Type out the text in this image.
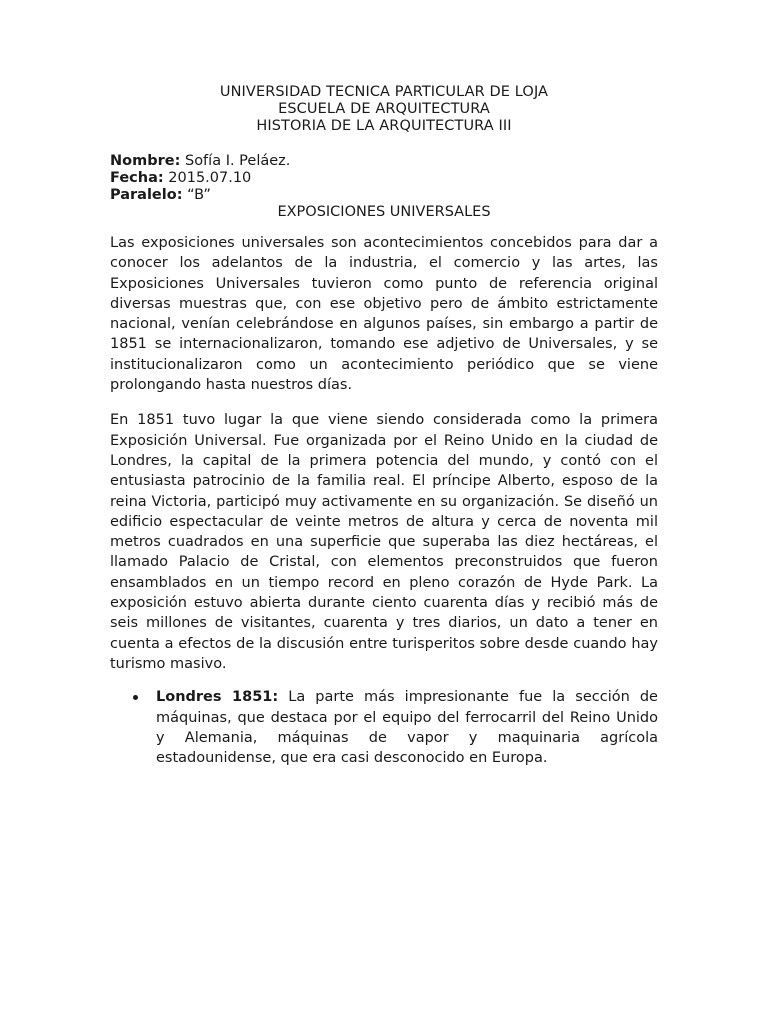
UNIVERSIDAD TECNICA PARTICULAR DE LOJA
ESCUELA DE ARQUITECTURA
HISTORIA DE LA ARQUITECTURA III
Nombre: Sofía I. Peláez.
Fecha: 2015.07.10
Paralelo: “B”
EXPOSICIONES UNIVERSALES

Las exposiciones universales son acontecimientos concebidos para dar a conocer los adelantos de la industria, el comercio y las artes, las Exposiciones Universales tuvieron como punto de referencia original diversas muestras que, con ese objetivo pero de ámbito estrictamente nacional, venían celebrándose en algunos países, sin embargo a partir de 1851 se internacionalizaron, tomando ese adjetivo de Universales, y se institucionalizaron como un acontecimiento periódico que se viene prolongando hasta nuestros días.

En 1851 tuvo lugar la que viene siendo considerada como la primera Exposición Universal. Fue organizada por el Reino Unido en la ciudad de Londres, la capital de la primera potencia del mundo, y contó con el entusiasta patrocinio de la familia real. El príncipe Alberto, esposo de la reina Victoria, participó muy activamente en su organización. Se diseñó un edificio espectacular de veinte metros de altura y cerca de noventa mil metros cuadrados en una superficie que superaba las diez hectáreas, el llamado Palacio de Cristal, con elementos preconstruidos que fueron ensamblados en un tiempo record en pleno corazón de Hyde Park. La exposición estuvo abierta durante ciento cuarenta días y recibió más de seis millones de visitantes, cuarenta y tres diarios, un dato a tener en cuenta a efectos de la discusión entre turisperitos sobre desde cuando hay turismo masivo.

Londres 1851: La parte más impresionante fue la sección de máquinas, que destaca por el equipo del ferrocarril del Reino Unido y Alemania, máquinas de vapor y maquinaria agrícola estadounidense, que era casi desconocido en Europa.
